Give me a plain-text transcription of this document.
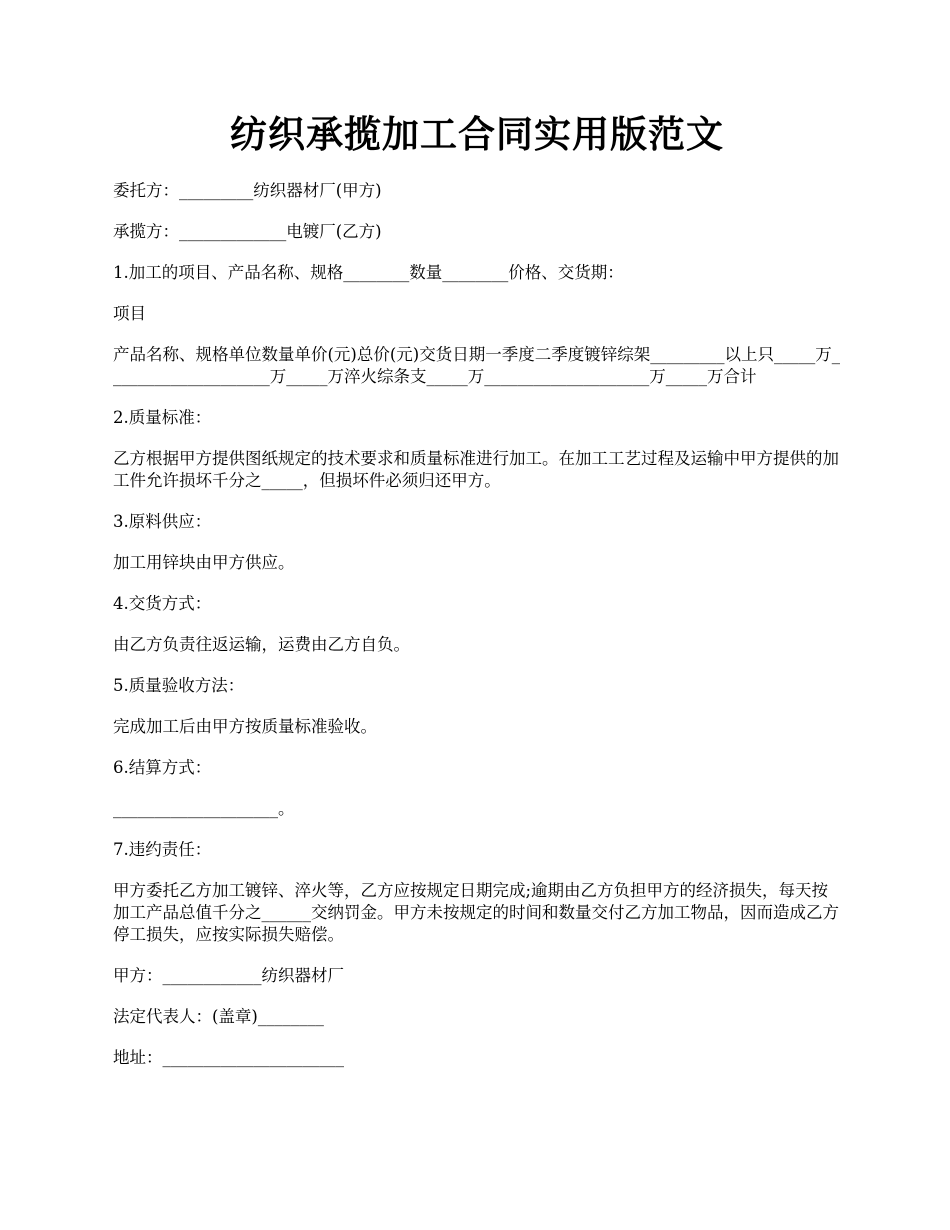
纺织承揽加工合同实用版范文

委托方：_________纺织器材厂(甲方)

承揽方：_____________电镀厂(乙方)

1.加工的项目、产品名称、规格________数量________价格、交货期：

项目

产品名称、规格单位数量单价(元)总价(元)交货日期一季度二季度镀锌综架_________以上只_____万____________________万_____万淬火综条支_____万____________________万_____万合计

2.质量标准：

乙方根据甲方提供图纸规定的技术要求和质量标准进行加工。在加工工艺过程及运输中甲方提供的加工件允许损坏千分之_____，但损坏件必须归还甲方。

3.原料供应：

加工用锌块由甲方供应。

4.交货方式：

由乙方负责往返运输，运费由乙方自负。

5.质量验收方法：

完成加工后由甲方按质量标准验收。

6.结算方式：

____________________。

7.违约责任：

甲方委托乙方加工镀锌、淬火等，乙方应按规定日期完成;逾期由乙方负担甲方的经济损失，每天按加工产品总值千分之______交纳罚金。甲方未按规定的时间和数量交付乙方加工物品，因而造成乙方停工损失，应按实际损失赔偿。

甲方：____________纺织器材厂

法定代表人：(盖章)________

地址：______________________
